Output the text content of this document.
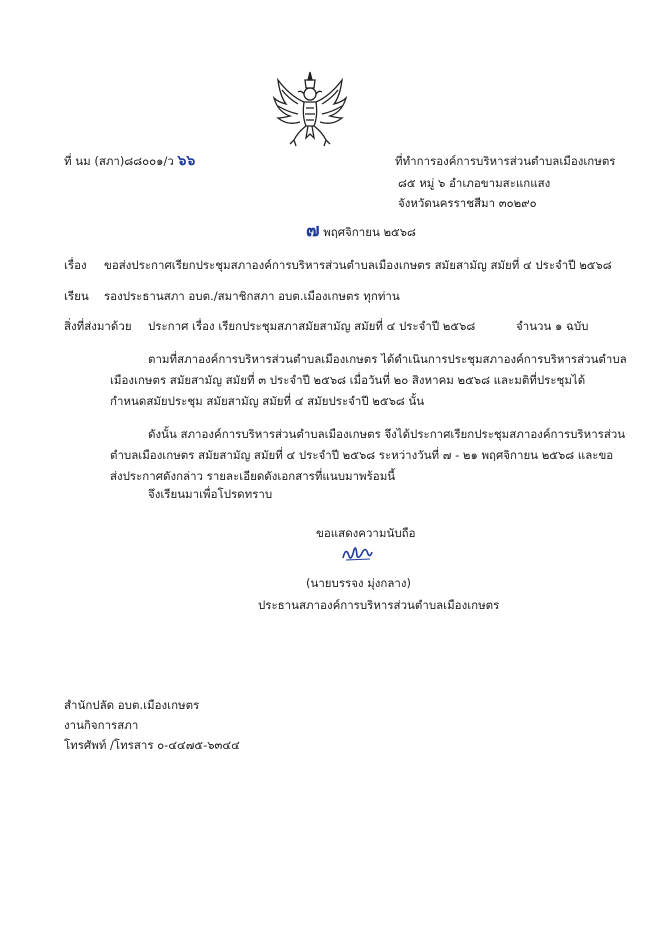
ที่ นม (สภา)๘๘๐๐๑/ว ๖๖	ที่ทำการองค์การบริหารส่วนตำบลเมืองเกษตร
๘๕ หมู่ ๖ อำเภอขามสะแกแสง
จังหวัดนครราชสีมา ๓๐๒๙๐
๗ พฤศจิกายน ๒๕๖๘
เรื่อง ขอส่งประกาศเรียกประชุมสภาองค์การบริหารส่วนตำบลเมืองเกษตร สมัยสามัญ สมัยที่ ๔ ประจำปี ๒๕๖๘
เรียน รองประธานสภา อบต./สมาชิกสภา อบต.เมืองเกษตร ทุกท่าน
สิ่งที่ส่งมาด้วย ประกาศ เรื่อง เรียกประชุมสภาสมัยสามัญ สมัยที่ ๔ ประจำปี ๒๕๖๘	จำนวน ๑ ฉบับ
ตามที่สภาองค์การบริหารส่วนตำบลเมืองเกษตร ได้ดำเนินการประชุมสภาองค์การบริหารส่วนตำบล
เมืองเกษตร สมัยสามัญ สมัยที่ ๓ ประจำปี ๒๕๖๘ เมื่อวันที่ ๒๐ สิงหาคม ๒๕๖๘ และมติที่ประชุมได้
กำหนดสมัยประชุม สมัยสามัญ สมัยที่ ๔ สมัยประจำปี ๒๕๖๘ นั้น
ดังนั้น สภาองค์การบริหารส่วนตำบลเมืองเกษตร จึงได้ประกาศเรียกประชุมสภาองค์การบริหารส่วน
ตำบลเมืองเกษตร สมัยสามัญ สมัยที่ ๔ ประจำปี ๒๕๖๘ ระหว่างวันที่ ๗ - ๒๑ พฤศจิกายน ๒๕๖๘ และขอ
ส่งประกาศดังกล่าว รายละเอียดดังเอกสารที่แนบมาพร้อมนี้
จึงเรียนมาเพื่อโปรดทราบ
ขอแสดงความนับถือ
(นายบรรจง มุ่งกลาง)
ประธานสภาองค์การบริหารส่วนตำบลเมืองเกษตร
สำนักปลัด อบต.เมืองเกษตร
งานกิจการสภา
โทรศัพท์ /โทรสาร ๐-๔๔๗๕-๖๓๔๔
